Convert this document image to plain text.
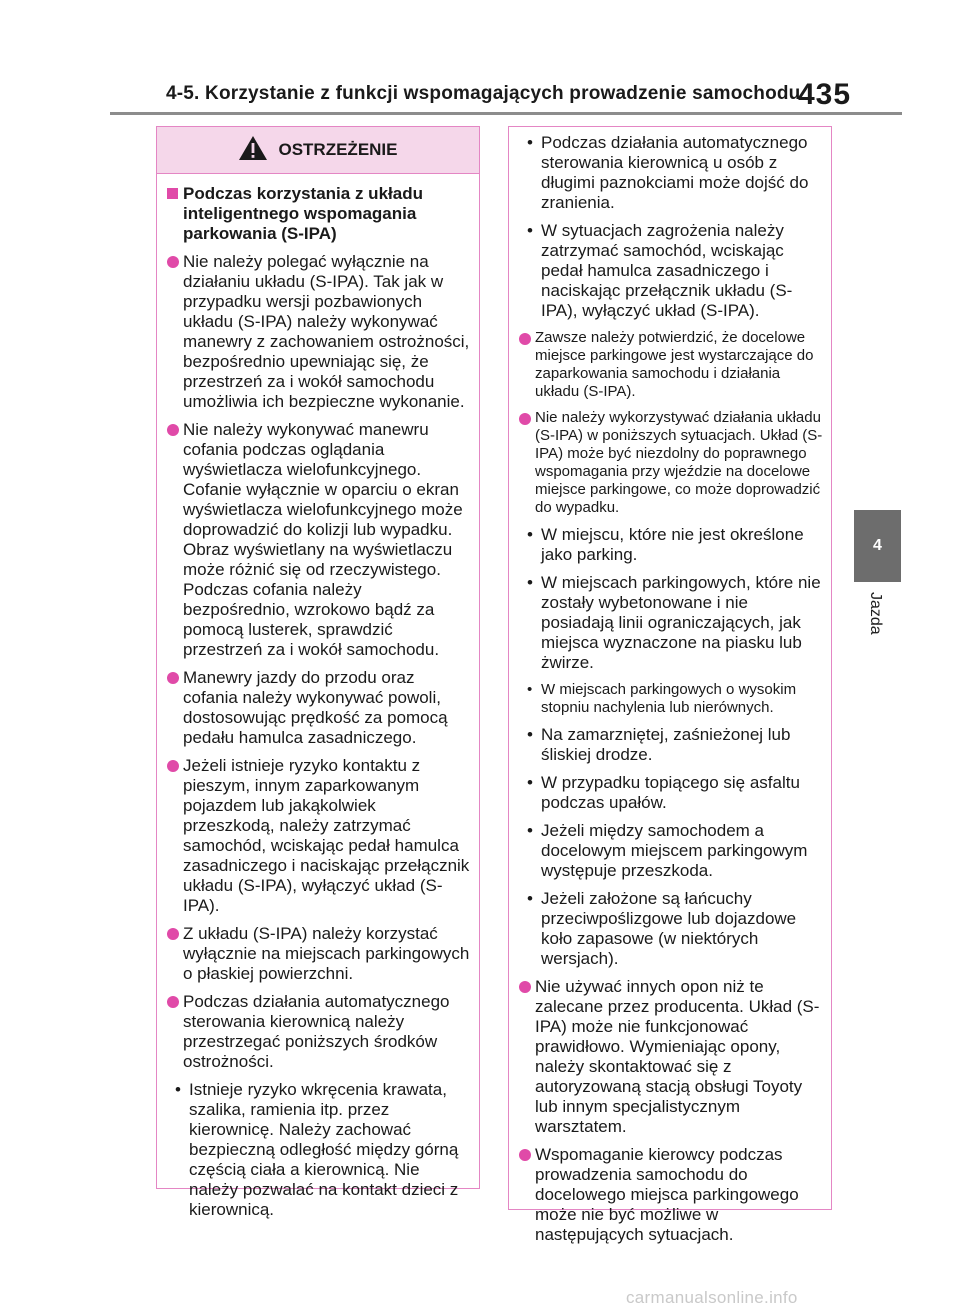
4-5. Korzystanie z funkcji wspomagających prowadzenie samochodu
435
4
Jazda
OSTRZEŻENIE
Podczas korzystania z układu inteligentnego wspomagania parkowania (S-IPA)
Nie należy polegać wyłącznie na działaniu układu (S-IPA). Tak jak w przypadku wersji pozbawionych układu (S-IPA) należy wykonywać manewry z zachowaniem ostrożności, bezpośrednio upewniając się, że przestrzeń za i wokół samochodu umożliwia ich bezpieczne wykonanie.
Nie należy wykonywać manewru cofania podczas oglądania wyświetlacza wielofunkcyjnego. Cofanie wyłącznie w oparciu o ekran wyświetlacza wielofunkcyjnego może doprowadzić do kolizji lub wypadku. Obraz wyświetlany na wyświetlaczu może różnić się od rzeczywistego. Podczas cofania należy bezpośrednio, wzrokowo bądź za pomocą lusterek, sprawdzić przestrzeń za i wokół samochodu.
Manewry jazdy do przodu oraz cofania należy wykonywać powoli, dostosowując prędkość za pomocą pedału hamulca zasadniczego.
Jeżeli istnieje ryzyko kontaktu z pieszym, innym zaparkowanym pojazdem lub jakąkolwiek przeszkodą, należy zatrzymać samochód, wciskając pedał hamulca zasadniczego i naciskając przełącznik układu (S-IPA), wyłączyć układ (S-IPA).
Z układu (S-IPA) należy korzystać wyłącznie na miejscach parkingowych o płaskiej powierzchni.
Podczas działania automatycznego sterowania kierownicą należy przestrzegać poniższych środków ostrożności.
• Istnieje ryzyko wkręcenia krawata, szalika, ramienia itp. przez kierownicę. Należy zachować bezpieczną odległość między górną częścią ciała a kierownicą. Nie należy pozwalać na kontakt dzieci z kierownicą.
• Podczas działania automatycznego sterowania kierownicą u osób z długimi paznokciami może dojść do zranienia.
• W sytuacjach zagrożenia należy zatrzymać samochód, wciskając pedał hamulca zasadniczego i naciskając przełącznik układu (S-IPA), wyłączyć układ (S-IPA).
Zawsze należy potwierdzić, że docelowe miejsce parkingowe jest wystarczające do zaparkowania samochodu i działania układu (S-IPA).
Nie należy wykorzystywać działania układu (S-IPA) w poniższych sytuacjach. Układ (S-IPA) może być niezdolny do poprawnego wspomagania przy wjeździe na docelowe miejsce parkingowe, co może doprowadzić do wypadku.
• W miejscu, które nie jest określone jako parking.
• W miejscach parkingowych, które nie zostały wybetonowane i nie posiadają linii ograniczających, jak miejsca wyznaczone na piasku lub żwirze.
• W miejscach parkingowych o wysokim stopniu nachylenia lub nierównych.
• Na zamarzniętej, zaśnieżonej lub śliskiej drodze.
• W przypadku topiącego się asfaltu podczas upałów.
• Jeżeli między samochodem a docelowym miejscem parkingowym występuje przeszkoda.
• Jeżeli założone są łańcuchy przeciwpoślizgowe lub dojazdowe koło zapasowe (w niektórych wersjach).
Nie używać innych opon niż te zalecane przez producenta. Układ (S-IPA) może nie funkcjonować prawidłowo. Wymieniając opony, należy skontaktować się z autoryzowaną stacją obsługi Toyoty lub innym specjalistycznym warsztatem.
Wspomaganie kierowcy podczas prowadzenia samochodu do docelowego miejsca parkingowego może nie być możliwe w następujących sytuacjach.
carmanualsonline.info
